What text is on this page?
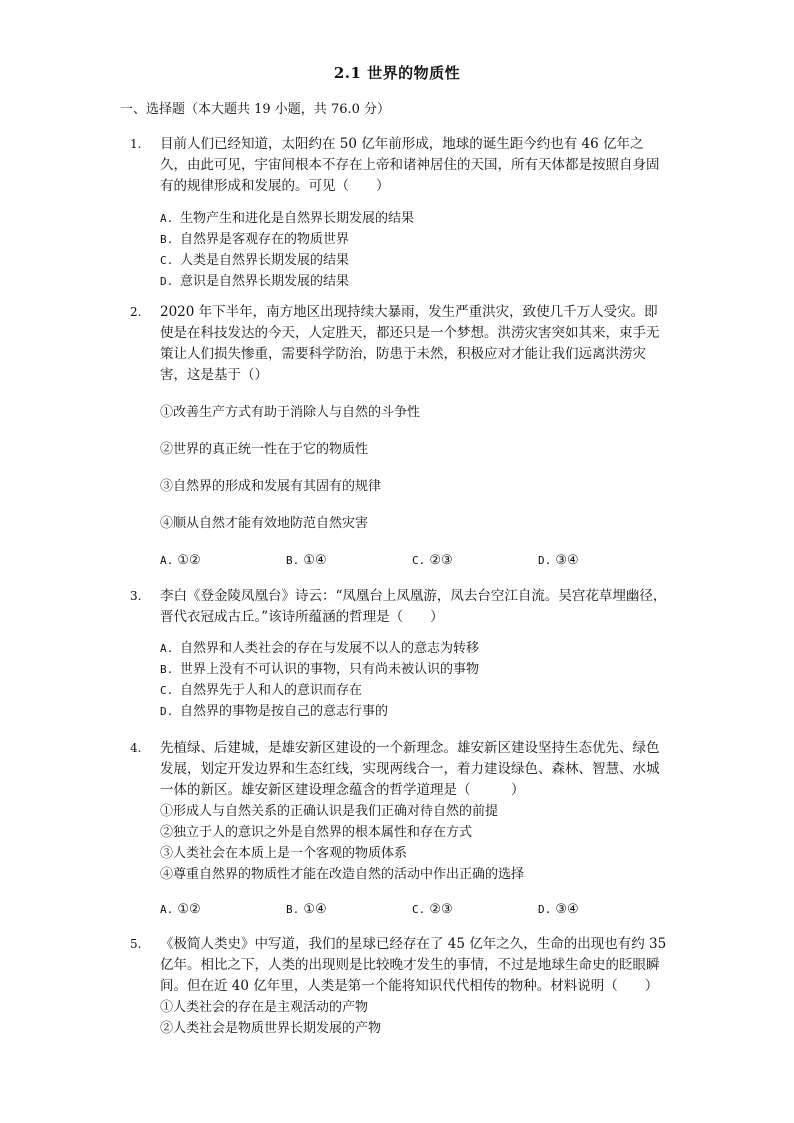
2.1 世界的物质性
一、选择题（本大题共 19 小题，共 76.0 分）
1.	目前人们已经知道，太阳约在 50 亿年前形成，地球的诞生距今约也有 46 亿年之久，由此可见，宇宙间根本不存在上帝和诸神居住的天国，所有天体都是按照自身固有的规律形成和发展的。可见（　　）
A. 生物产生和进化是自然界长期发展的结果
B. 自然界是客观存在的物质世界
C. 人类是自然界长期发展的结果
D. 意识是自然界长期发展的结果
2.	2020 年下半年，南方地区出现持续大暴雨，发生严重洪灾，致使几千万人受灾。即使是在科技发达的今天，人定胜天，都还只是一个梦想。洪涝灾害突如其来，束手无策让人们损失惨重，需要科学防治，防患于未然，积极应对才能让我们远离洪涝灾害，这是基于（）
①改善生产方式有助于消除人与自然的斗争性
②世界的真正统一性在于它的物质性
③自然界的形成和发展有其固有的规律
④顺从自然才能有效地防范自然灾害
A. ①②	B. ①④	C. ②③	D. ③④
3.	李白《登金陵凤凰台》诗云：“凤凰台上凤凰游，凤去台空江自流。吴宫花草埋幽径，晋代衣冠成古丘。”该诗所蕴涵的哲理是（　　）
A. 自然界和人类社会的存在与发展不以人的意志为转移
B. 世界上没有不可认识的事物，只有尚未被认识的事物
C. 自然界先于人和人的意识而存在
D. 自然界的事物是按自己的意志行事的
4.	先植绿、后建城，是雄安新区建设的一个新理念。雄安新区建设坚持生态优先、绿色发展，划定开发边界和生态红线，实现两线合一，着力建设绿色、森林、智慧、水城一体的新区。雄安新区建设理念蕴含的哲学道理是（　　　）
①形成人与自然关系的正确认识是我们正确对待自然的前提
②独立于人的意识之外是自然界的根本属性和存在方式
③人类社会在本质上是一个客观的物质体系
④尊重自然界的物质性才能在改造自然的活动中作出正确的选择
A. ①②	B. ①④	C. ②③	D. ③④
5.	《极简人类史》中写道，我们的星球已经存在了 45 亿年之久，生命的出现也有约 35 亿年。相比之下，人类的出现则是比较晚才发生的事情，不过是地球生命史的眨眼瞬间。但在近 40 亿年里，人类是第一个能将知识代代相传的物种。材料说明（　　）
①人类社会的存在是主观活动的产物
②人类社会是物质世界长期发展的产物
